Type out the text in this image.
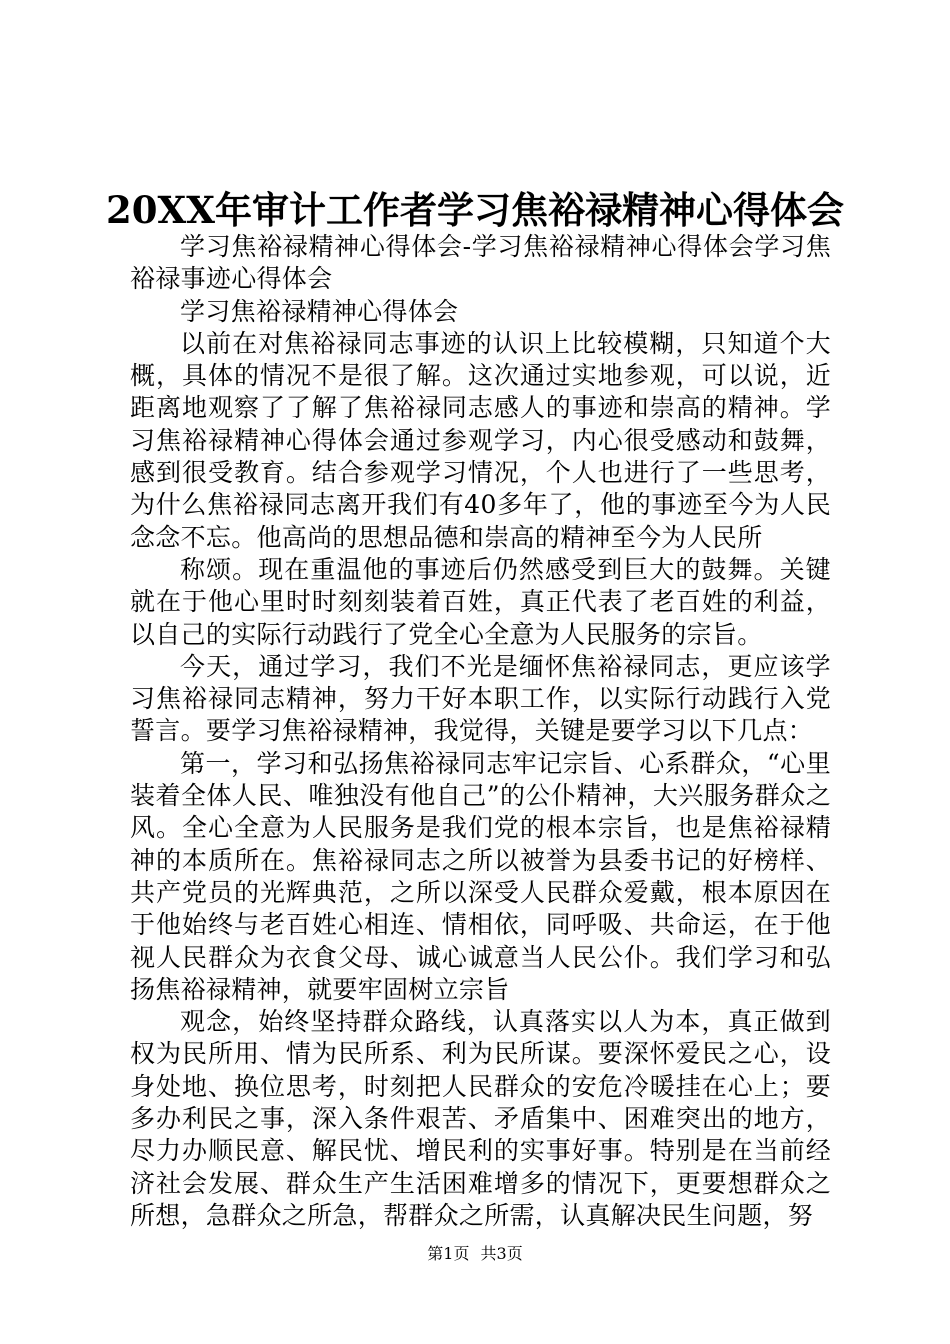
20XX年审计工作者学习焦裕禄精神心得体会

学习焦裕禄精神心得体会-学习焦裕禄精神心得体会学习焦裕禄事迹心得体会

学习焦裕禄精神心得体会

以前在对焦裕禄同志事迹的认识上比较模糊，只知道个大概，具体的情况不是很了解。这次通过实地参观，可以说，近距离地观察了了解了焦裕禄同志感人的事迹和崇高的精神。学习焦裕禄精神心得体会通过参观学习，内心很受感动和鼓舞，感到很受教育。结合参观学习情况，个人也进行了一些思考，为什么焦裕禄同志离开我们有40多年了，他的事迹至今为人民念念不忘。他高尚的思想品德和崇高的精神至今为人民所

称颂。现在重温他的事迹后仍然感受到巨大的鼓舞。关键就在于他心里时时刻刻装着百姓，真正代表了老百姓的利益，以自己的实际行动践行了党全心全意为人民服务的宗旨。

今天，通过学习，我们不光是缅怀焦裕禄同志，更应该学习焦裕禄同志精神，努力干好本职工作，以实际行动践行入党誓言。要学习焦裕禄精神，我觉得，关键是要学习以下几点：

第一，学习和弘扬焦裕禄同志牢记宗旨、心系群众，“心里装着全体人民、唯独没有他自己”的公仆精神，大兴服务群众之风。全心全意为人民服务是我们党的根本宗旨，也是焦裕禄精神的本质所在。焦裕禄同志之所以被誉为县委书记的好榜样、共产党员的光辉典范，之所以深受人民群众爱戴，根本原因在于他始终与老百姓心相连、情相依，同呼吸、共命运，在于他视人民群众为衣食父母、诚心诚意当人民公仆。我们学习和弘扬焦裕禄精神，就要牢固树立宗旨

观念，始终坚持群众路线，认真落实以人为本，真正做到权为民所用、情为民所系、利为民所谋。要深怀爱民之心，设身处地、换位思考，时刻把人民群众的安危冷暖挂在心上；要多办利民之事，深入条件艰苦、矛盾集中、困难突出的地方，尽力办顺民意、解民忧、增民利的实事好事。特别是在当前经济社会发展、群众生产生活困难增多的情况下，更要想群众之所想，急群众之所急，帮群众之所需，认真解决民生问题，努

第1页 共3页
